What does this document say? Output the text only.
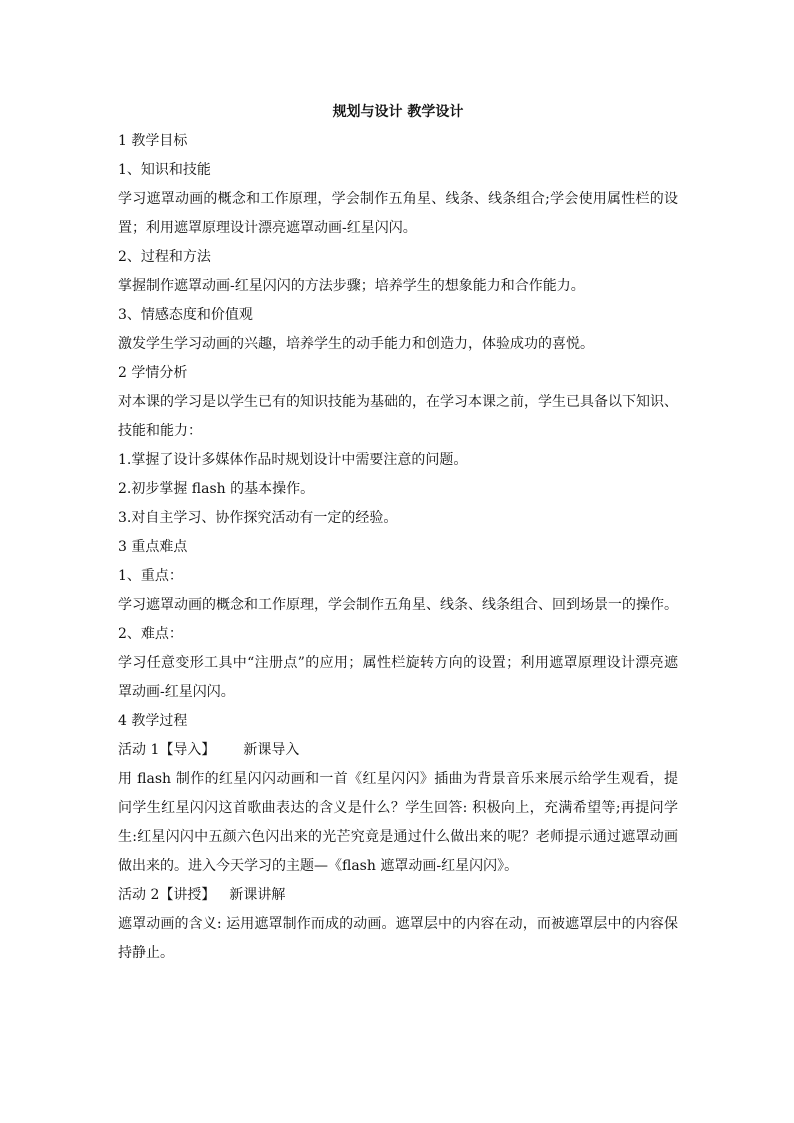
规划与设计 教学设计

1 教学目标

1、知识和技能

学习遮罩动画的概念和工作原理，学会制作五角星、线条、线条组合;学会使用属性栏的设置；利用遮罩原理设计漂亮遮罩动画-红星闪闪。

2、过程和方法

掌握制作遮罩动画-红星闪闪的方法步骤；培养学生的想象能力和合作能力。

3、情感态度和价值观

激发学生学习动画的兴趣，培养学生的动手能力和创造力，体验成功的喜悦。

2 学情分析

对本课的学习是以学生已有的知识技能为基础的，在学习本课之前，学生已具备以下知识、技能和能力：

1.掌握了设计多媒体作品时规划设计中需要注意的问题。

2.初步掌握 flash 的基本操作。

3.对自主学习、协作探究活动有一定的经验。

3 重点难点

1、重点：

学习遮罩动画的概念和工作原理，学会制作五角星、线条、线条组合、回到场景一的操作。

2、难点：

学习任意变形工具中“注册点”的应用；属性栏旋转方向的设置；利用遮罩原理设计漂亮遮罩动画-红星闪闪。

4 教学过程

活动 1【导入】 新课导入

用 flash 制作的红星闪闪动画和一首《红星闪闪》插曲为背景音乐来展示给学生观看，提问学生红星闪闪这首歌曲表达的含义是什么？学生回答: 积极向上，充满希望等;再提问学生:红星闪闪中五颜六色闪出来的光芒究竟是通过什么做出来的呢？老师提示通过遮罩动画做出来的。进入今天学习的主题—《flash 遮罩动画-红星闪闪》。

活动 2【讲授】 新课讲解

遮罩动画的含义: 运用遮罩制作而成的动画。遮罩层中的内容在动，而被遮罩层中的内容保持静止。
